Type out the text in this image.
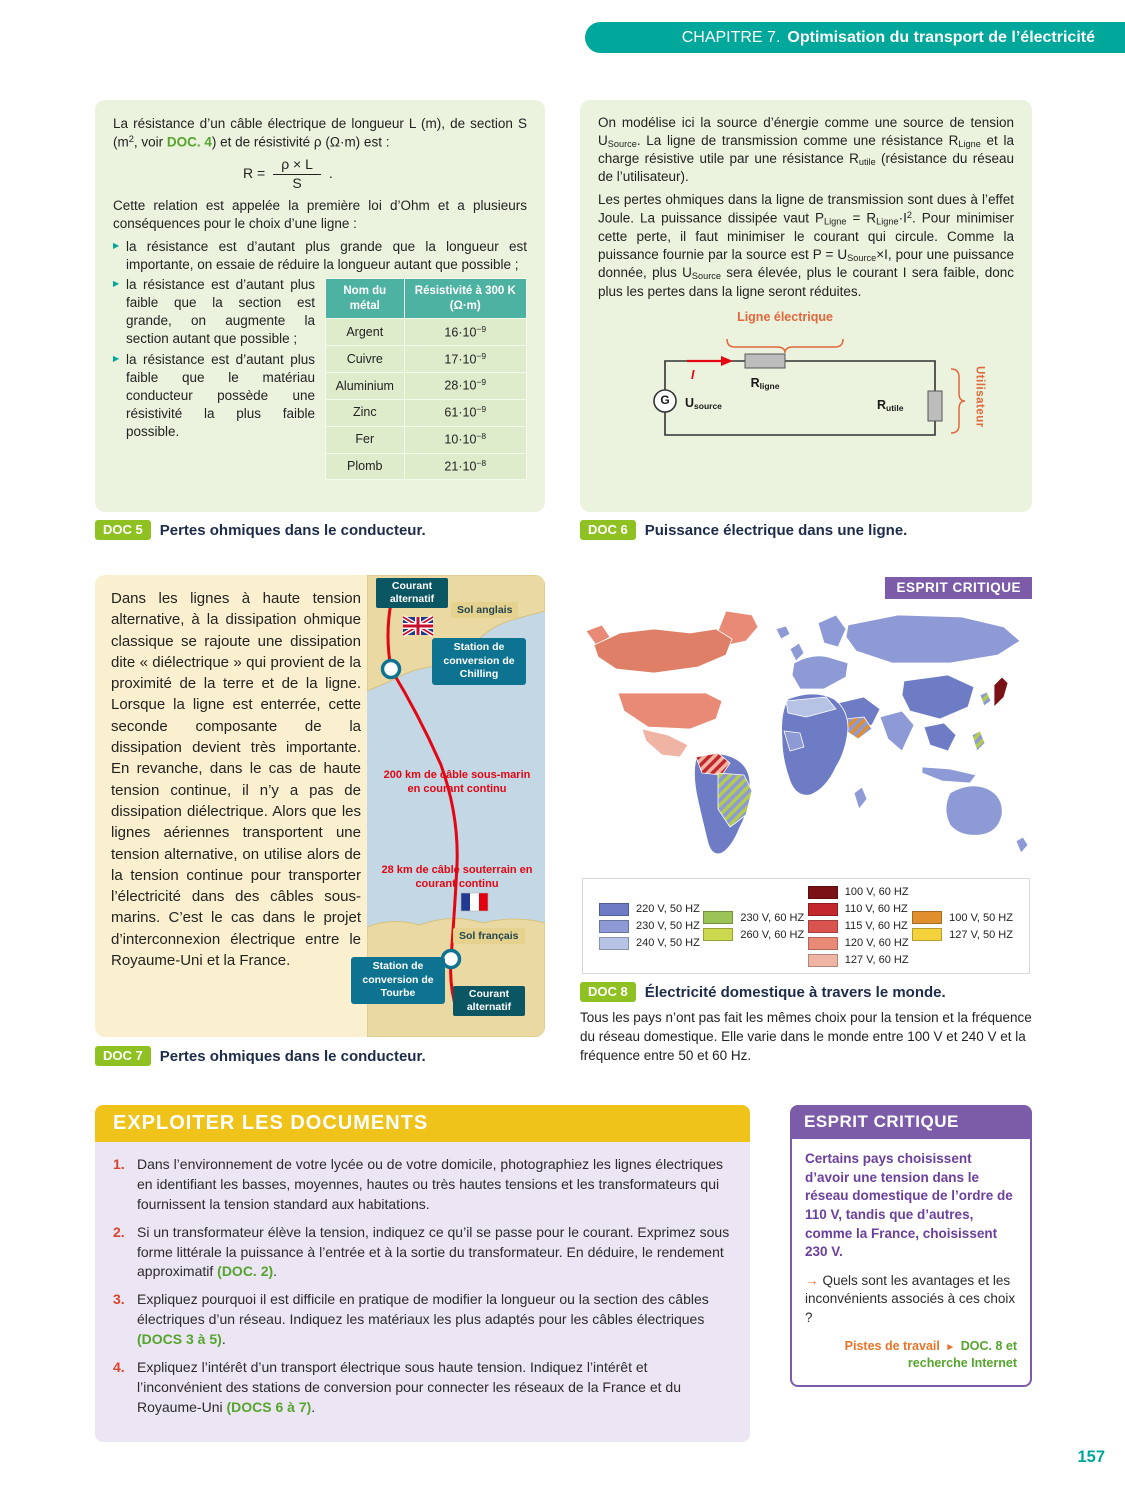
CHAPITRE 7. Optimisation du transport de l’électricité

La résistance d’un câble électrique de longueur L (m), de section S ($m^2$, voir DOC. 4) et de résistivité ρ (Ω·m) est :

$R = \frac{\rho \times L}{S}$ .

Cette relation est appelée la première loi d’Ohm et a plusieurs conséquences pour le choix d’une ligne :

▶ la résistance est d’autant plus grande que la longueur est importante, on essaie de réduire la longueur autant que possible ;
Nom du métal	Résistivité à 300 K (Ω·m)
Argent	$16\cdot 10^{-9}$
Cuivre	$17\cdot 10^{-9}$
Aluminium	$28\cdot 10^{-9}$
Zinc	$61\cdot 10^{-9}$
Fer	$10\cdot 10^{-8}$
Plomb	$21\cdot 10^{-8}$
▶ la résistance est d’autant plus faible que la section est grande, on augmente la section autant que possible ;
▶ la résistance est d’autant plus faible que le matériau conducteur possède une résistivité la plus faible possible.
DOC 5	Pertes ohmiques dans le conducteur.

On modélise ici la source d’énergie comme une source de tension $U_{Source}$. La ligne de transmission comme une résistance $R_{Ligne}$ et la charge résistive utile par une résistance $R_{utile}$ (résistance du réseau de l’utilisateur).

Les pertes ohmiques dans la ligne de transmission sont dues à l’effet Joule. La puissance dissipée vaut $P_{Ligne} = R_{Ligne}\cdot I^2$. Pour minimiser cette perte, il faut minimiser le courant qui circule. Comme la puissance fournie par la source est $P = U_{Source}\times I$, pour une puissance donnée, plus $U_{Source}$ sera élevée, plus le courant I sera faible, donc plus les pertes dans la ligne seront réduites.

Ligne électrique
I
$R_{ligne}$
G $U_{source}$	$R_{utile}$	Utilisateur
DOC 6	Puissance électrique dans une ligne.
Dans les lignes à haute tension alternative, à la dissipation ohmique classique se rajoute une dissipation dite « diélectrique » qui provient de la proximité de la terre et de la ligne. Lorsque la ligne est enterrée, cette seconde composante de la dissipation devient très importante. En revanche, dans le cas de haute tension continue, il n’y a pas de dissipation diélectrique. Alors que les lignes aériennes transportent une tension alternative, on utilise alors de la tension continue pour transporter l’électricité dans des câbles sous-marins. C’est le cas dans le projet d’interconnexion électrique entre le Royaume-Uni et la France.
Courant alternatif
Sol anglais
Station de conversion de Chilling
200 km de câble sous-marin en courant continu
28 km de câble souterrain en courant continu
Sol français
Station de conversion de Tourbe	Courant alternatif
DOC 7	Pertes ohmiques dans le conducteur.
ESPRIT CRITIQUE
220 V, 50 HZ
230 V, 50 HZ
240 V, 50 HZ
230 V, 60 HZ
260 V, 60 HZ
100 V, 60 HZ
110 V, 60 HZ
115 V, 60 HZ
120 V, 60 HZ
127 V, 60 HZ
100 V, 50 HZ
127 V, 50 HZ
DOC 8	Électricité domestique à travers le monde.
Tous les pays n’ont pas fait les mêmes choix pour la tension et la fréquence du réseau domestique. Elle varie dans le monde entre 100 V et 240 V et la fréquence entre 50 et 60 Hz.
EXPLOITER LES DOCUMENTS
1. Dans l’environnement de votre lycée ou de votre domicile, photographiez les lignes électriques en identifiant les basses, moyennes, hautes ou très hautes tensions et les transformateurs qui fournissent la tension standard aux habitations.
2. Si un transformateur élève la tension, indiquez ce qu’il se passe pour le courant. Exprimez sous forme littérale la puissance à l’entrée et à la sortie du transformateur. En déduire, le rendement approximatif (DOC. 2).
3. Expliquez pourquoi il est difficile en pratique de modifier la longueur ou la section des câbles électriques d’un réseau. Indiquez les matériaux les plus adaptés pour les câbles électriques (DOCS 3 à 5).
4. Expliquez l’intérêt d’un transport électrique sous haute tension. Indiquez l’intérêt et l’inconvénient des stations de conversion pour connecter les réseaux de la France et du Royaume-Uni (DOCS 6 à 7).
ESPRIT CRITIQUE

Certains pays choisissent d’avoir une tension dans le réseau domestique de l’ordre de 110 V, tandis que d’autres, comme la France, choisissent 230 V.

→ Quels sont les avantages et les inconvénients associés à ces choix ?

Pistes de travail ► DOC. 8 et recherche Internet

157
